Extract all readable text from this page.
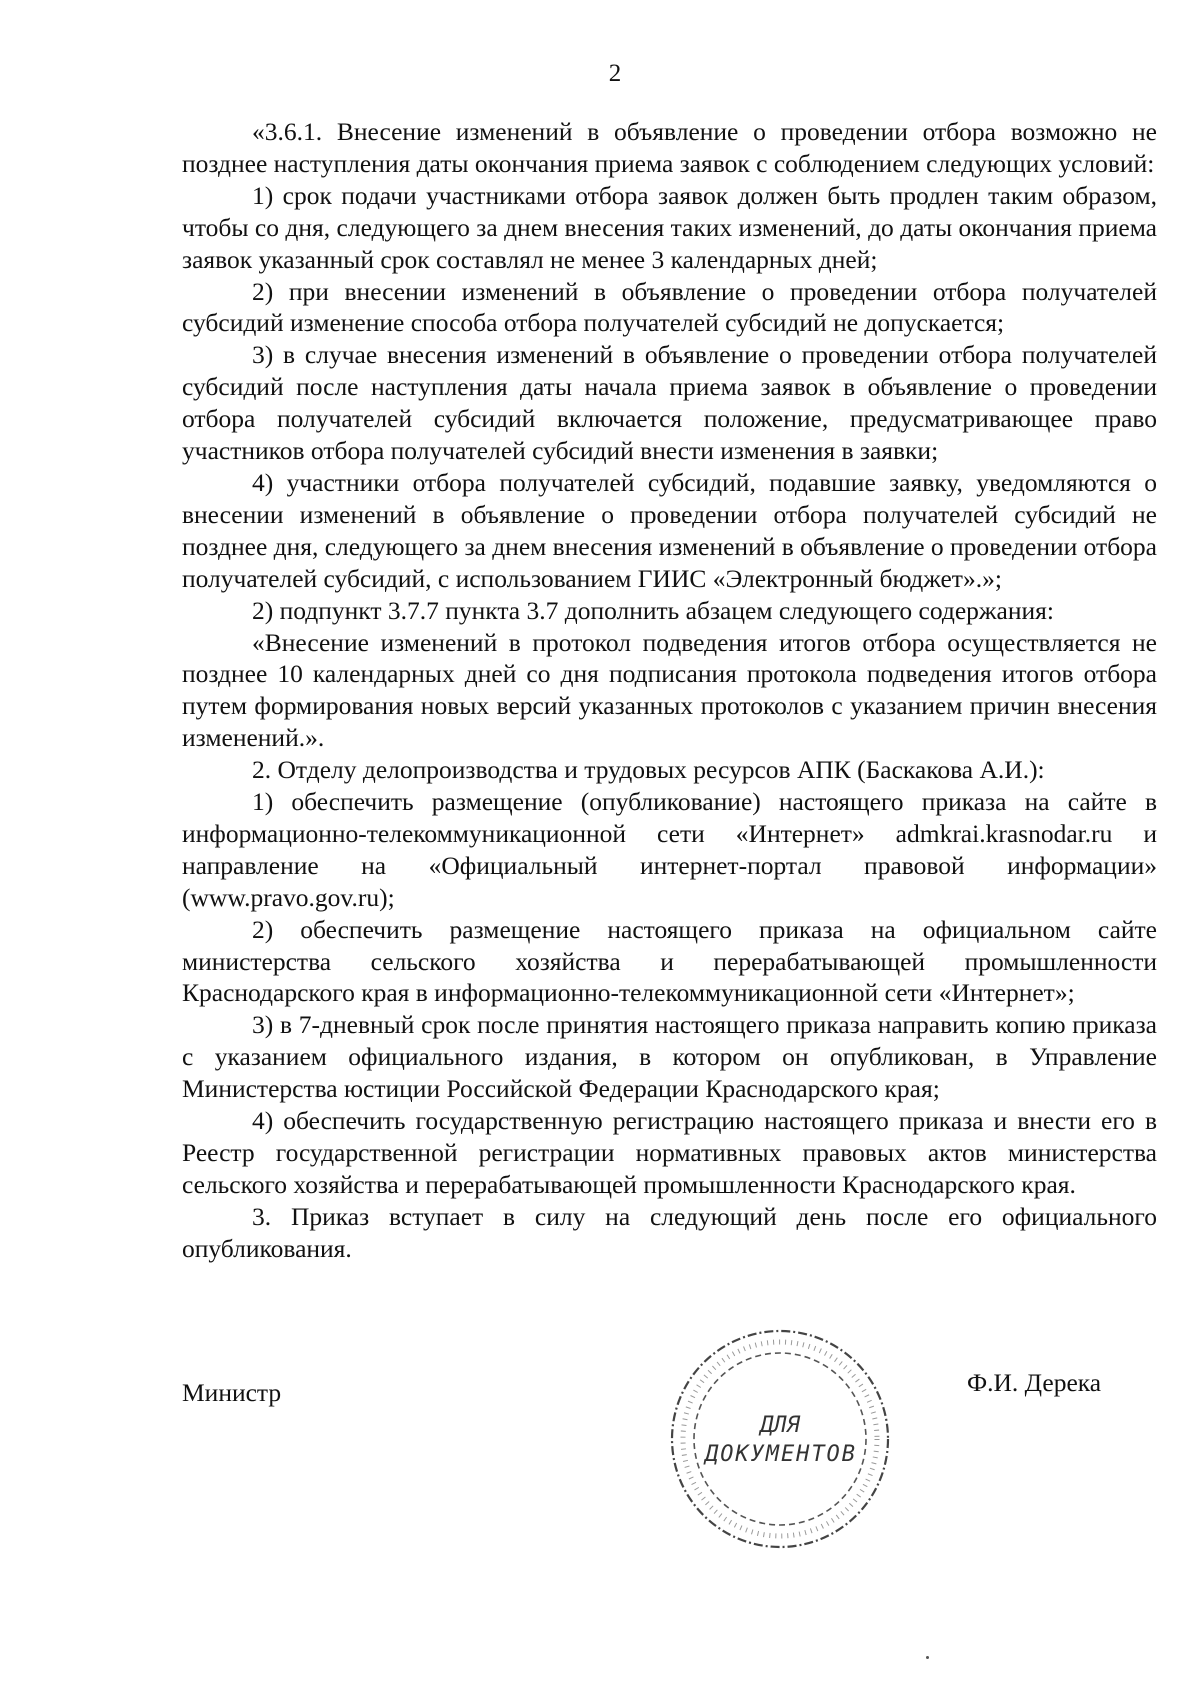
2

«3.6.1. Внесение изменений в объявление о проведении отбора возможно не позднее наступления даты окончания приема заявок с соблюдением следующих условий:

1) срок подачи участниками отбора заявок должен быть продлен таким образом, чтобы со дня, следующего за днем внесения таких изменений, до даты окончания приема заявок указанный срок составлял не менее 3 календарных дней;

2) при внесении изменений в объявление о проведении отбора получателей субсидий изменение способа отбора получателей субсидий не допускается;

3) в случае внесения изменений в объявление о проведении отбора получателей субсидий после наступления даты начала приема заявок в объявление о проведении отбора получателей субсидий включается положение, предусматривающее право участников отбора получателей субсидий внести изменения в заявки;

4) участники отбора получателей субсидий, подавшие заявку, уведомляются о внесении изменений в объявление о проведении отбора получателей субсидий не позднее дня, следующего за днем внесения изменений в объявление о проведении отбора получателей субсидий, с использованием ГИИС «Электронный бюджет».»;

2) подпункт 3.7.7 пункта 3.7 дополнить абзацем следующего содержания:

«Внесение изменений в протокол подведения итогов отбора осуществляется не позднее 10 календарных дней со дня подписания протокола подведения итогов отбора путем формирования новых версий указанных протоколов с указанием причин внесения изменений.».

2. Отделу делопроизводства и трудовых ресурсов АПК (Баскакова А.И.):

1) обеспечить размещение (опубликование) настоящего приказа на сайте в информационно-телекоммуникационной сети «Интернет» admkrai.krasnodar.ru и направление на «Официальный интернет-портал правовой информации» (www.pravo.gov.ru);

2) обеспечить размещение настоящего приказа на официальном сайте министерства сельского хозяйства и перерабатывающей промышленности Краснодарского края в информационно-телекоммуникационной сети «Интернет»;

3) в 7-дневный срок после принятия настоящего приказа направить копию приказа с указанием официального издания, в котором он опубликован, в Управление Министерства юстиции Российской Федерации Краснодарского края;

4) обеспечить государственную регистрацию настоящего приказа и внести его в Реестр государственной регистрации нормативных правовых актов министерства сельского хозяйства и перерабатывающей промышленности Краснодарского края.

3. Приказ вступает в силу на следующий день после его официального опубликования.

Министр
ДЛЯ
ДОКУМЕНТОВ
Ф.И. Дерека
